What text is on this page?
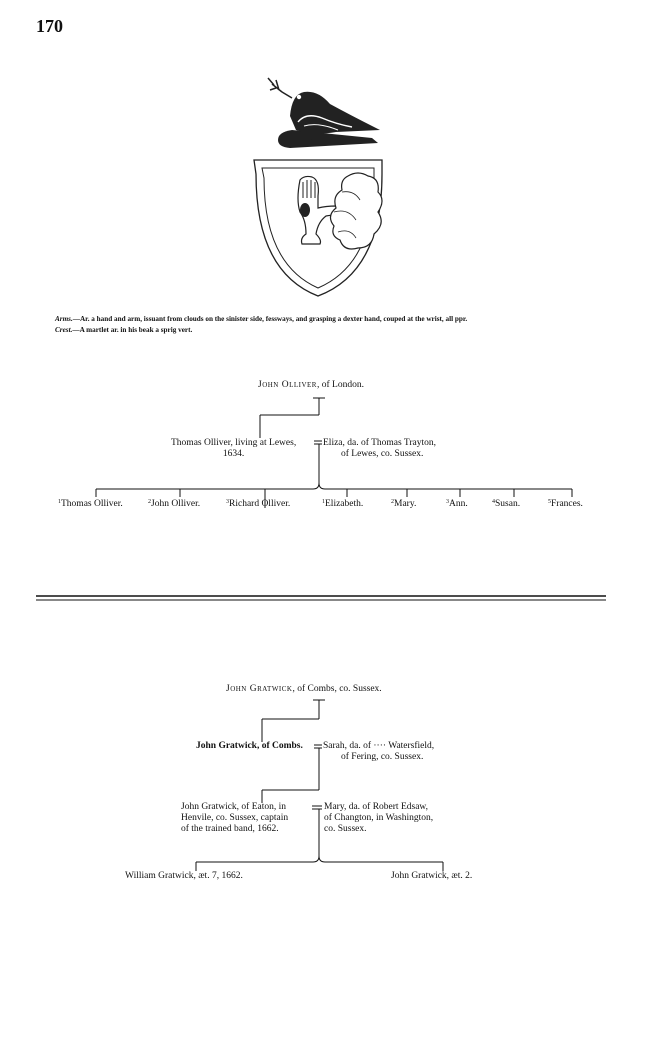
170
Arms.—Ar. a hand and arm, issuant from clouds on the sinister side, fessways, and grasping a dexter hand, couped at the wrist, all ppr.
Crest.—A martlet ar. in his beak a sprig vert.
John Olliver, of London.
Thomas Olliver, living at Lewes,
1634.
Eliza, da. of Thomas Trayton,
of Lewes, co. Sussex.
$^1$Thomas Olliver.	$^2$John Olliver.	$^3$Richard Olliver.	$^1$Elizabeth.	$^2$Mary.	$^3$Ann.	$^4$Susan.	$^5$Frances.
John Gratwick, of Combs, co. Sussex.
John Gratwick, of Combs. Sarah, da. of ···· Watersfield,
of Fering, co. Sussex.
John Gratwick, of Eaton, in
Henvile, co. Sussex, captain
of the trained band, 1662.
Mary, da. of Robert Edsaw,
of Changton, in Washington,
co. Sussex.
William Gratwick, æt. 7, 1662.	John Gratwick, æt. 2.
